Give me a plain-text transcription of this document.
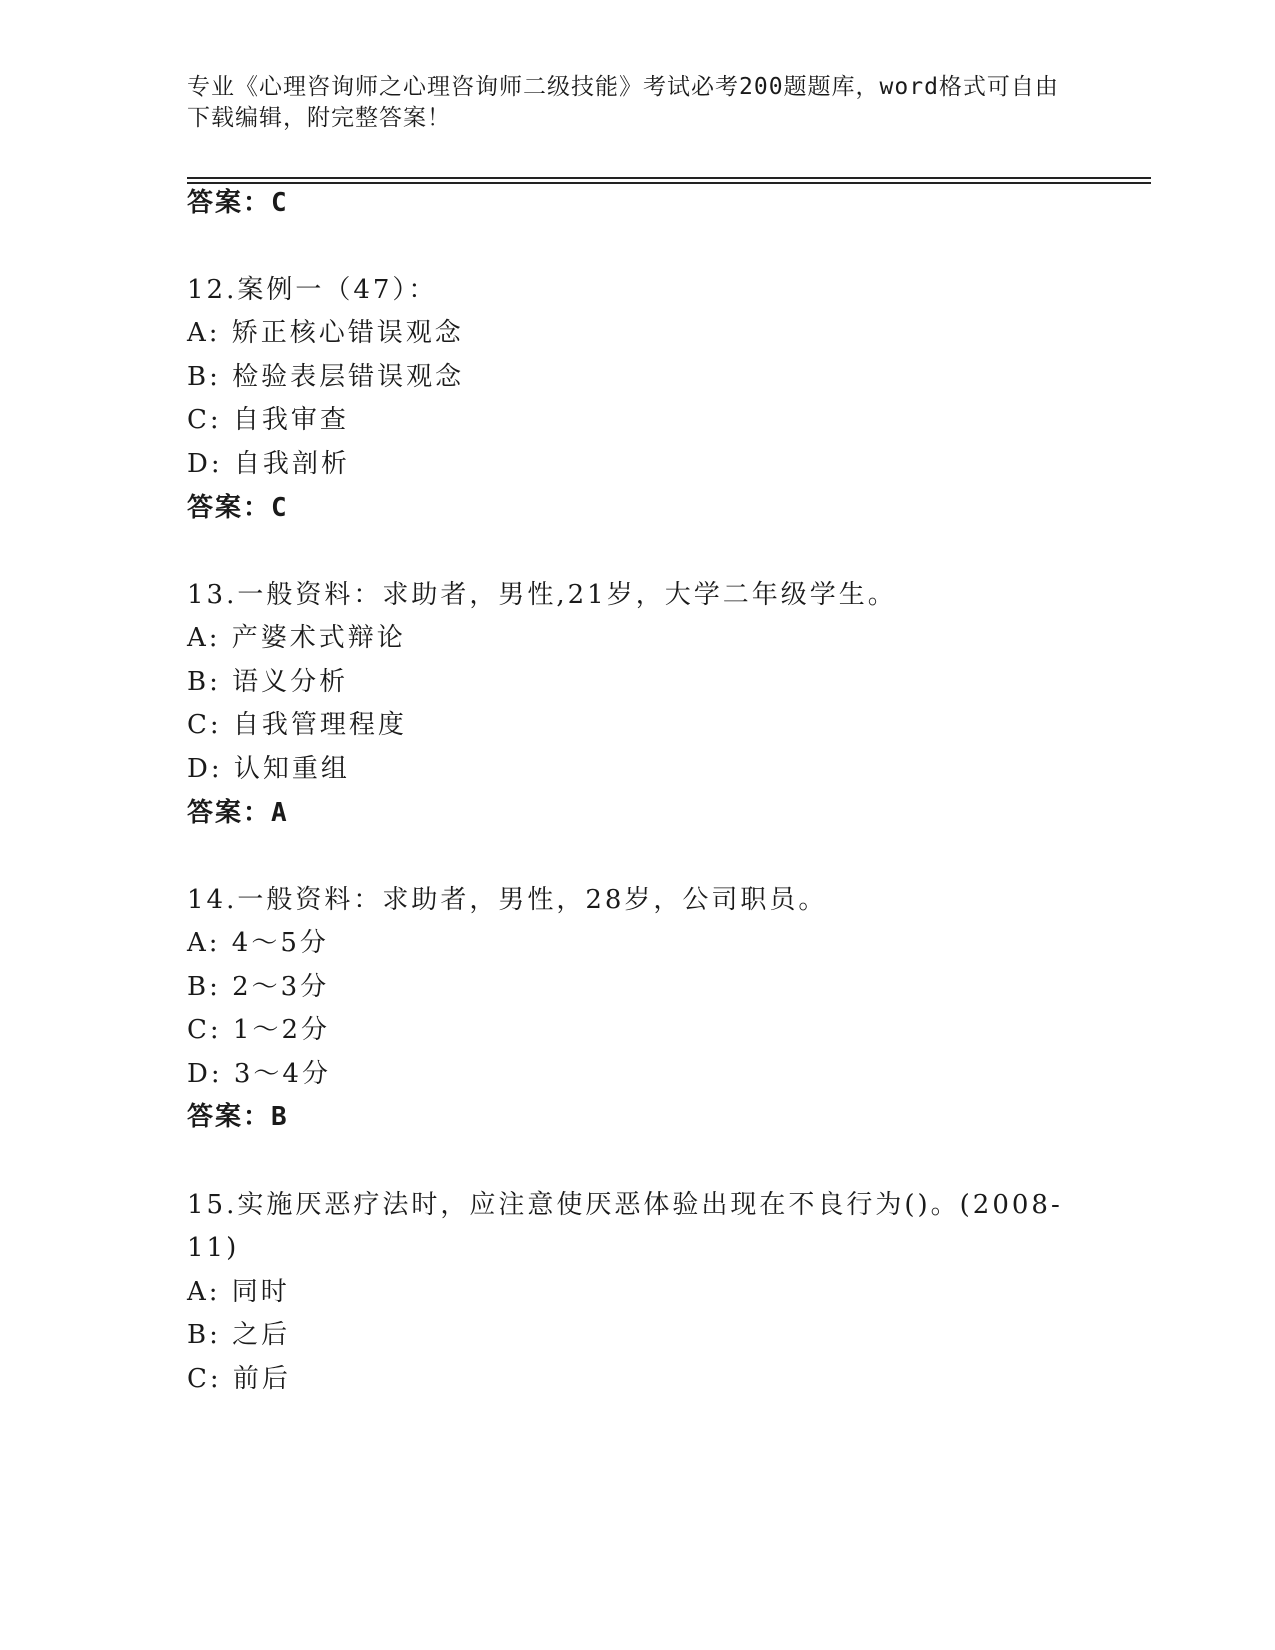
专业《心理咨询师之心理咨询师二级技能》考试必考200题题库，word格式可自由下载编辑，附完整答案！
答案：C
12.案例一（47）：
A: 矫正核心错误观念
B: 检验表层错误观念
C: 自我审查
D: 自我剖析
答案：C
13.一般资料：求助者，男性,21岁，大学二年级学生。
A: 产婆术式辩论
B: 语义分析
C: 自我管理程度
D: 认知重组
答案：A
14.一般资料：求助者，男性，28岁，公司职员。
A: 4～5分
B: 2～3分
C: 1～2分
D: 3～4分
答案：B
15.实施厌恶疗法时，应注意使厌恶体验出现在不良行为()。(2008-
11)
A: 同时
B: 之后
C: 前后
